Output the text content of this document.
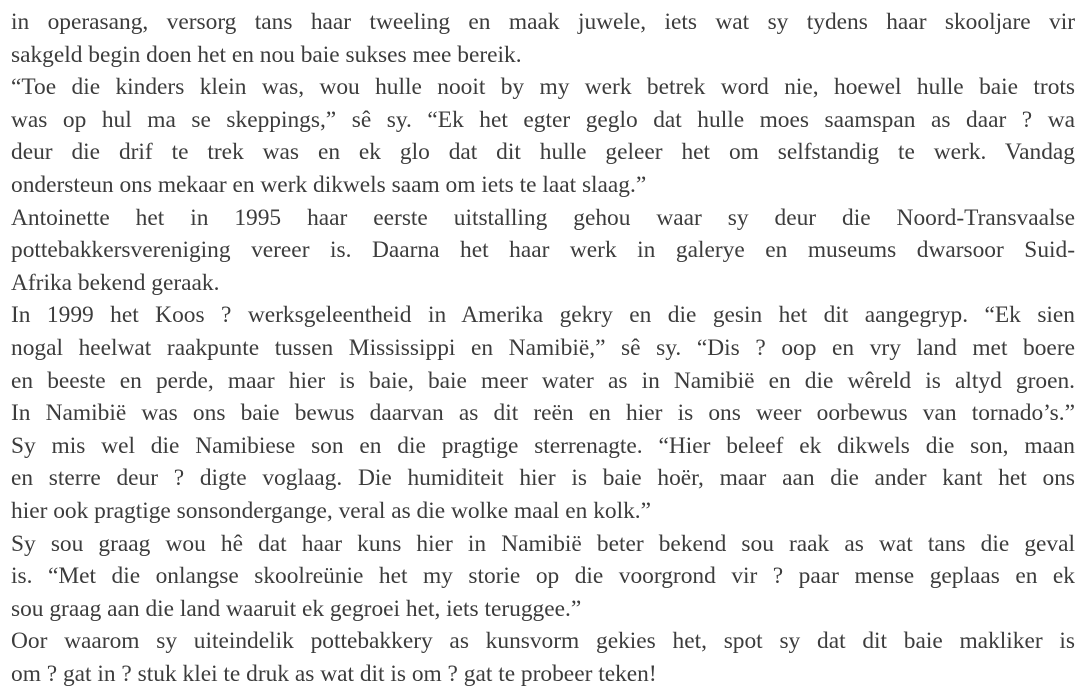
in operasang, versorg tans haar tweeling en maak juwele, iets wat sy tydens haar skooljare vir
sakgeld begin doen het en nou baie sukses mee bereik.
“Toe die kinders klein was, wou hulle nooit by my werk betrek word nie, hoewel hulle baie trots
was op hul ma se skeppings,” sê sy. “Ek het egter geglo dat hulle moes saamspan as daar ? wa
deur die drif te trek was en ek glo dat dit hulle geleer het om selfstandig te werk. Vandag
ondersteun ons mekaar en werk dikwels saam om iets te laat slaag.”
Antoinette het in 1995 haar eerste uitstalling gehou waar sy deur die Noord-Transvaalse
pottebakkersvereniging vereer is. Daarna het haar werk in galerye en museums dwarsoor Suid-
Afrika bekend geraak.
In 1999 het Koos ? werksgeleentheid in Amerika gekry en die gesin het dit aangegryp. “Ek sien
nogal heelwat raakpunte tussen Mississippi en Namibië,” sê sy. “Dis ? oop en vry land met boere
en beeste en perde, maar hier is baie, baie meer water as in Namibië en die wêreld is altyd groen.
In Namibië was ons baie bewus daarvan as dit reën en hier is ons weer oorbewus van tornado’s.”
Sy mis wel die Namibiese son en die pragtige sterrenagte. “Hier beleef ek dikwels die son, maan
en sterre deur ? digte voglaag. Die humiditeit hier is baie hoër, maar aan die ander kant het ons
hier ook pragtige sonsondergange, veral as die wolke maal en kolk.”
Sy sou graag wou hê dat haar kuns hier in Namibië beter bekend sou raak as wat tans die geval
is. “Met die onlangse skoolreünie het my storie op die voorgrond vir ? paar mense geplaas en ek
sou graag aan die land waaruit ek gegroei het, iets teruggee.”
Oor waarom sy uiteindelik pottebakkery as kunsvorm gekies het, spot sy dat dit baie makliker is
om ? gat in ? stuk klei te druk as wat dit is om ? gat te probeer teken!
